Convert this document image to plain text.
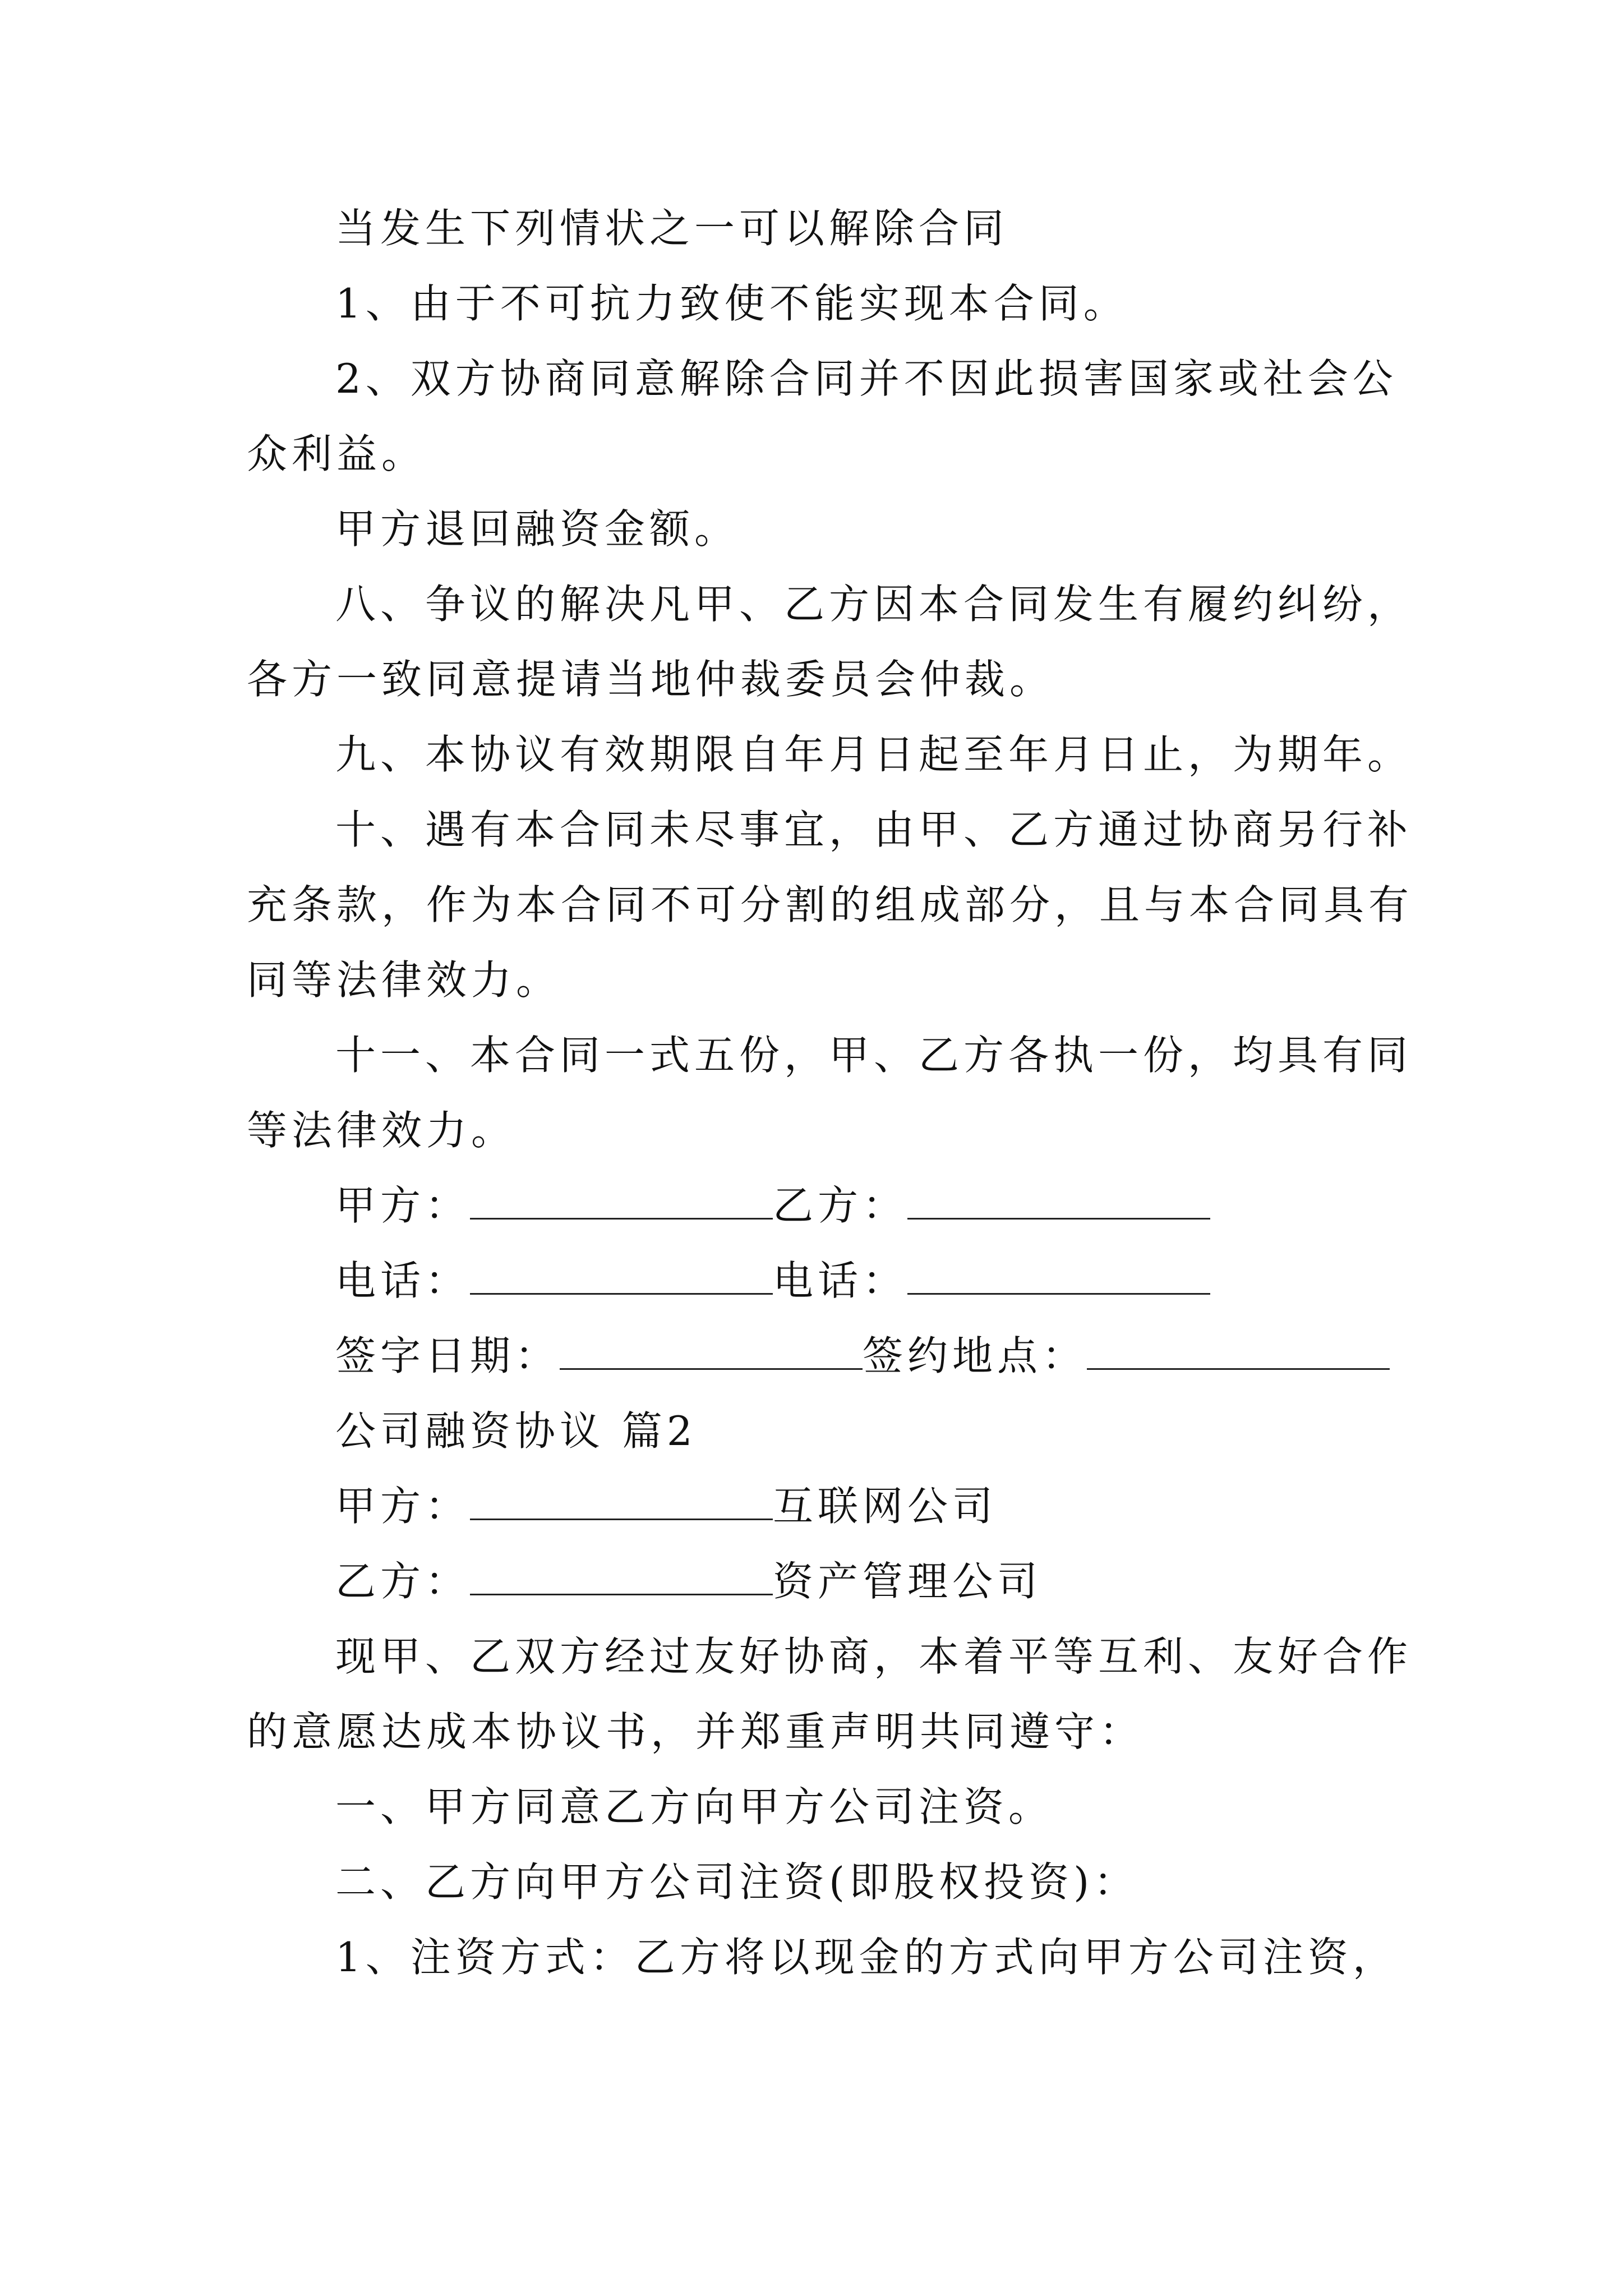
当发生下列情状之一可以解除合同
1、由于不可抗力致使不能实现本合同。
2、双方协商同意解除合同并不因此损害国家或社会公
众利益。
甲方退回融资金额。
八、争议的解决凡甲、乙方因本合同发生有履约纠纷，
各方一致同意提请当地仲裁委员会仲裁。
九、本协议有效期限自年月日起至年月日止，为期年。
十、遇有本合同未尽事宜，由甲、乙方通过协商另行补
充条款，作为本合同不可分割的组成部分，且与本合同具有
同等法律效力。
十一、本合同一式五份，甲、乙方各执一份，均具有同
等法律效力。
甲方：	乙方：
电话：	电话：
签字日期：	签约地点：
公司融资协议 篇2
甲方：	互联网公司
乙方：	资产管理公司
现甲、乙双方经过友好协商，本着平等互利、友好合作
的意愿达成本协议书，并郑重声明共同遵守：
一、甲方同意乙方向甲方公司注资。
二、乙方向甲方公司注资(即股权投资)：
1、注资方式：乙方将以现金的方式向甲方公司注资，
